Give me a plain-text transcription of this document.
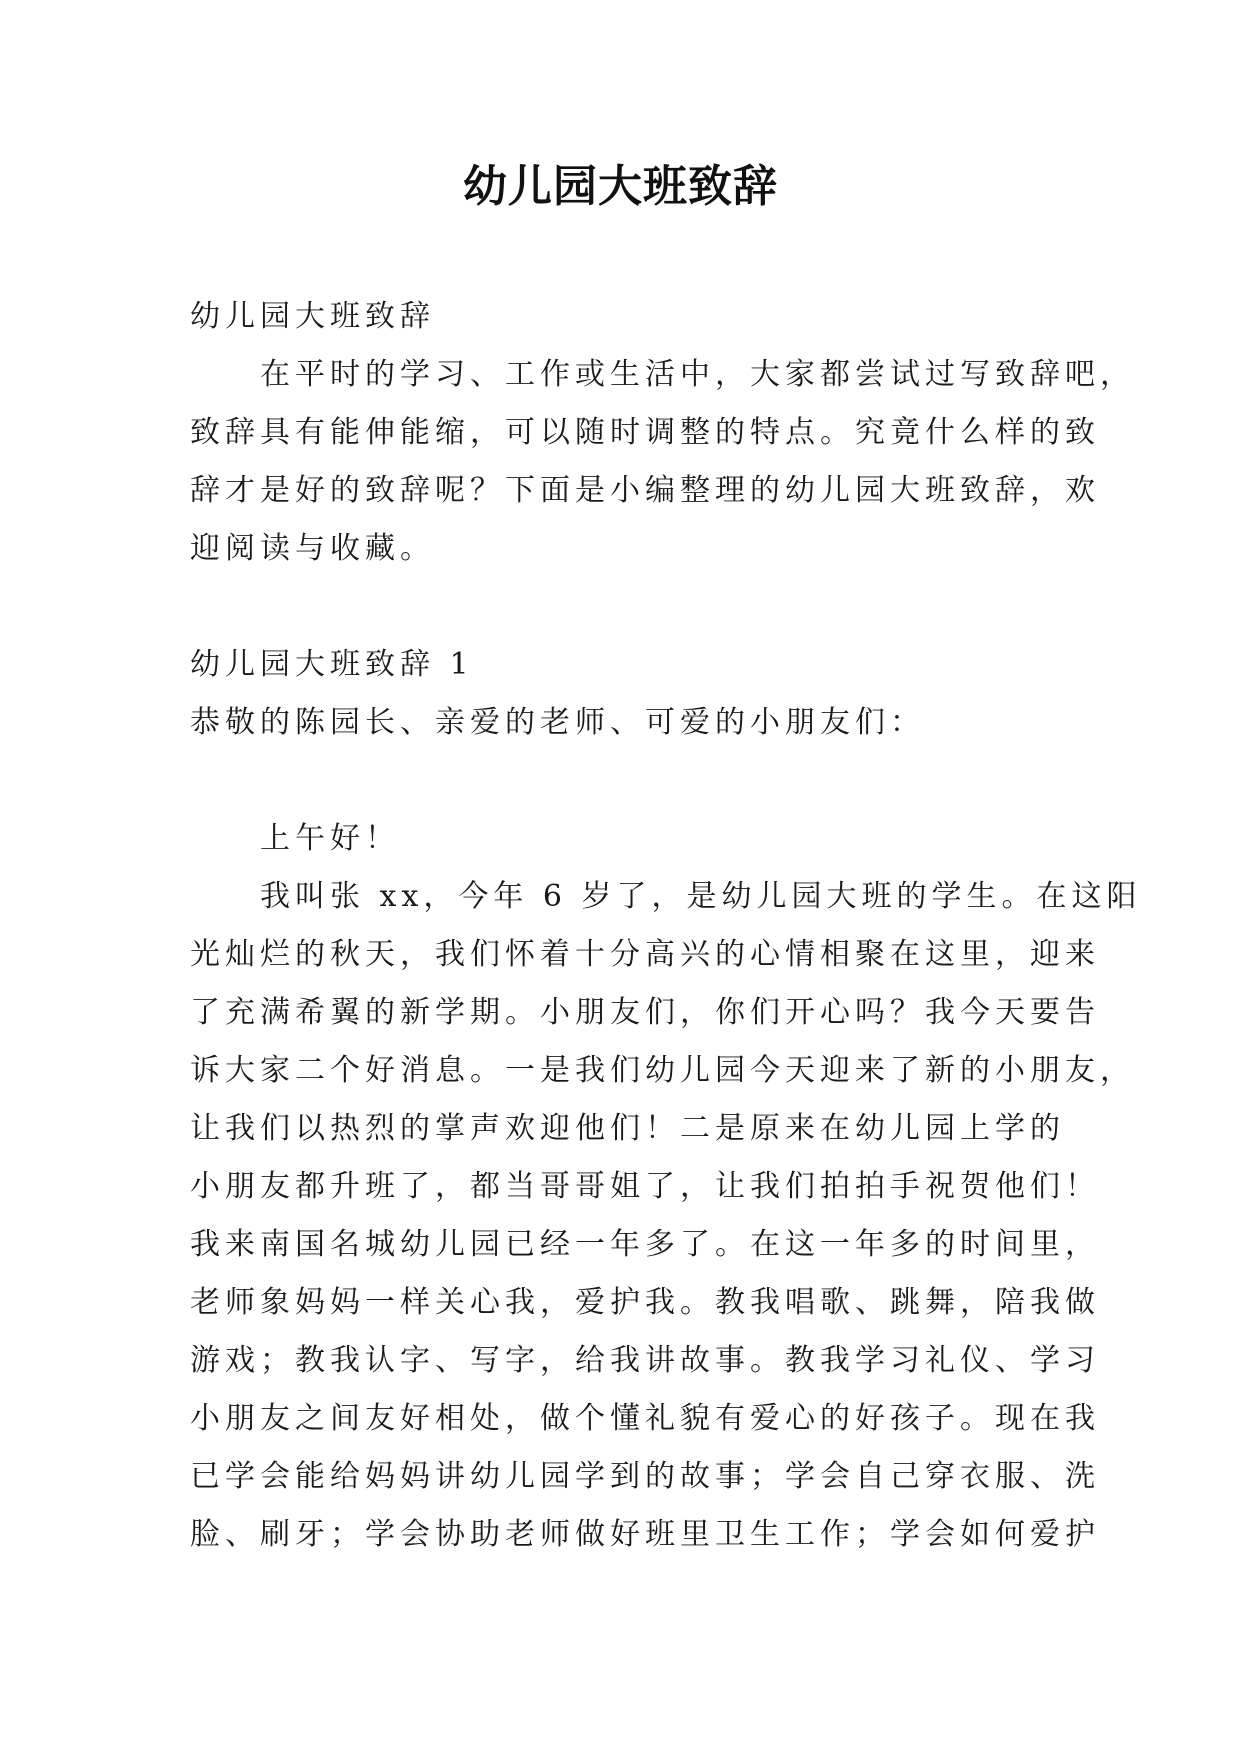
幼儿园大班致辞
幼儿园大班致辞
　　在平时的学习、工作或生活中，大家都尝试过写致辞吧，
致辞具有能伸能缩，可以随时调整的特点。究竟什么样的致
辞才是好的致辞呢？下面是小编整理的幼儿园大班致辞，欢
迎阅读与收藏。
幼儿园大班致辞 1
恭敬的陈园长、亲爱的老师、可爱的小朋友们：
　　上午好！
　　我叫张 xx，今年 6 岁了，是幼儿园大班的学生。在这阳
光灿烂的秋天，我们怀着十分高兴的心情相聚在这里，迎来
了充满希翼的新学期。小朋友们，你们开心吗？我今天要告
诉大家二个好消息。一是我们幼儿园今天迎来了新的小朋友，
让我们以热烈的掌声欢迎他们！二是原来在幼儿园上学的
小朋友都升班了，都当哥哥姐了，让我们拍拍手祝贺他们！
我来南国名城幼儿园已经一年多了。在这一年多的时间里，
老师象妈妈一样关心我，爱护我。教我唱歌、跳舞，陪我做
游戏；教我认字、写字，给我讲故事。教我学习礼仪、学习
小朋友之间友好相处，做个懂礼貌有爱心的好孩子。现在我
已学会能给妈妈讲幼儿园学到的故事；学会自己穿衣服、洗
脸、刷牙；学会协助老师做好班里卫生工作；学会如何爱护
